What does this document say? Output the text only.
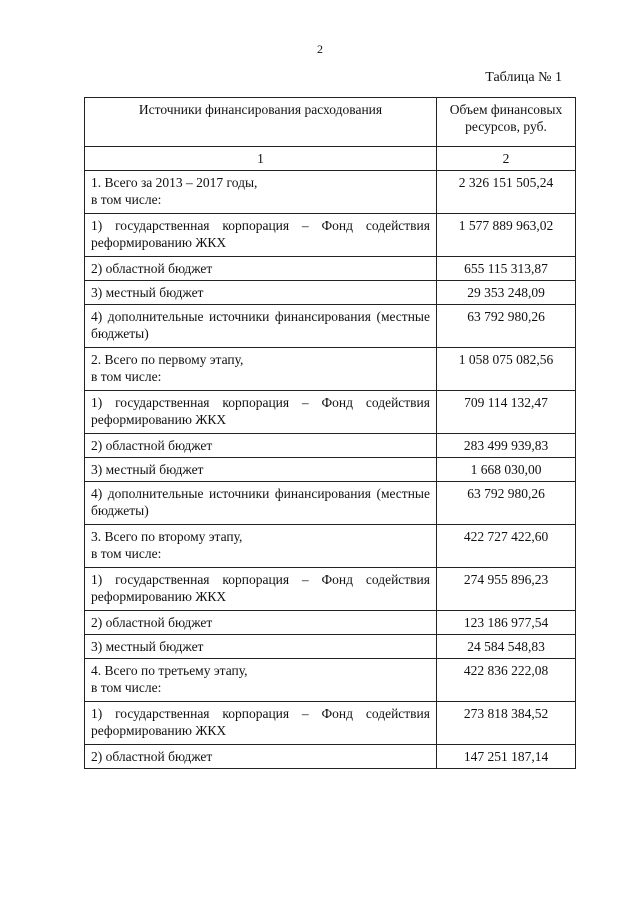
2
Таблица № 1
Источники финансирования расходования	Объем финансовых ресурсов, руб.
1	2
1. Всего за 2013 – 2017 годы,
в том числе:	2 326 151 505,24
1) государственная корпорация – Фонд содействия реформированию ЖКХ	1 577 889 963,02
2) областной бюджет	655 115 313,87
3) местный бюджет	29 353 248,09
4) дополнительные источники финансирования (местные бюджеты)	63 792 980,26
2. Всего по первому этапу,
в том числе:	1 058 075 082,56
1) государственная корпорация – Фонд содействия реформированию ЖКХ	709 114 132,47
2) областной бюджет	283 499 939,83
3) местный бюджет	1 668 030,00
4) дополнительные источники финансирования (местные бюджеты)	63 792 980,26
3. Всего по второму этапу,
в том числе:	422 727 422,60
1) государственная корпорация – Фонд содействия реформированию ЖКХ	274 955 896,23
2) областной бюджет	123 186 977,54
3) местный бюджет	24 584 548,83
4. Всего по третьему этапу,
в том числе:	422 836 222,08
1) государственная корпорация – Фонд содействия реформированию ЖКХ	273 818 384,52
2) областной бюджет	147 251 187,14
